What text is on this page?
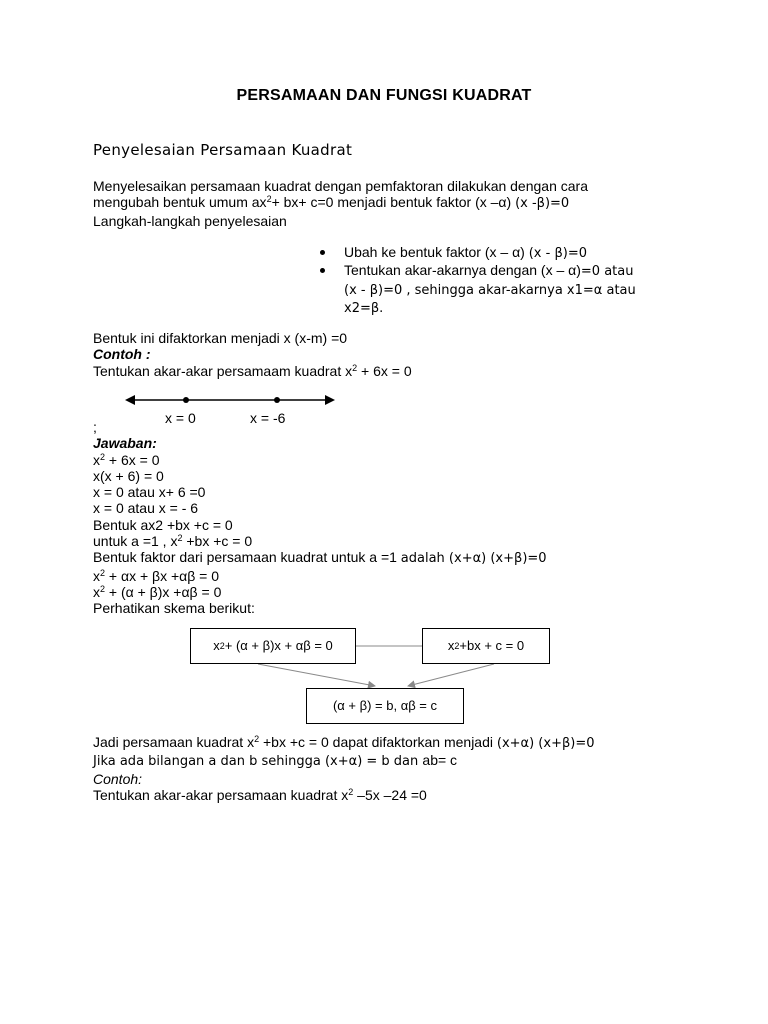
PERSAMAAN DAN FUNGSI KUADRAT
Penyelesaian Persamaan Kuadrat
Menyelesaikan persamaan kuadrat dengan pemfaktoran dilakukan dengan cara
mengubah bentuk umum $ax^2+ bx+ c=0$ menjadi bentuk faktor (x –α) (x -β)=0
Langkah-langkah penyelesaian
Ubah ke bentuk faktor (x – α) (x - β)=0
Tentukan akar-akarnya dengan (x – α)=0 atau
(x - β)=0 , sehingga akar-akarnya x1=α atau
x2=β.
Bentuk ini difaktorkan menjadi x (x-m) =0
Contoh :
Tentukan akar-akar persamaam kuadrat $x^2 + 6x = 0$
x = 0	x = -6
;
Jawaban:
$x^2 + 6x = 0$
x(x + 6) = 0
x = 0 atau x+ 6 =0
x = 0 atau x = - 6
Bentuk ax2 +bx +c = 0
untuk a =1 , $x^2 +bx +c = 0$
Bentuk faktor dari persamaan kuadrat untuk a =1 adalah (x+α) (x+β)=0
$x^2 + \alpha x + \beta x +\alpha\beta = 0$
$x^2 + (\alpha + \beta)x +\alpha\beta = 0$
Perhatikan skema berikut:
x 2 + (α + β)x + αβ = 0	x 2 +bx + c = 0
(α + β) = b, αβ = c
Jadi persamaan kuadrat $x^2 +bx +c = 0$ dapat difaktorkan menjadi (x+α) (x+β)=0
Jika ada bilangan a dan b sehingga (x+α) = b dan ab= c
Contoh:
Tentukan akar-akar persamaan kuadrat $x^2$ –5x –24 =0
